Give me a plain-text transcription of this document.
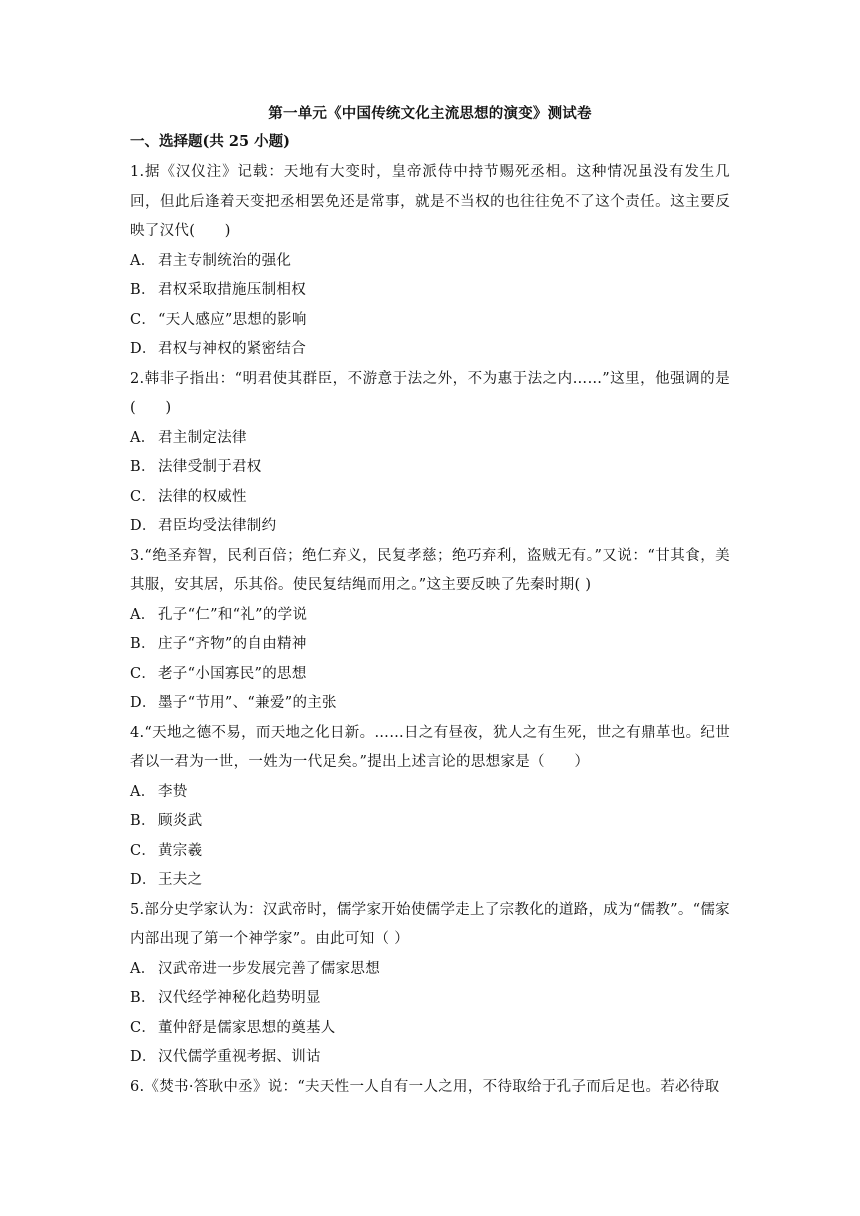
第一单元《中国传统文化主流思想的演变》测试卷
一、选择题(共 25 小题)

1.据《汉仪注》记载：天地有大变时，皇帝派侍中持节赐死丞相。这种情况虽没有发生几回，但此后逢着天变把丞相罢免还是常事，就是不当权的也往往免不了这个责任。这主要反映了汉代(　　)

A． 君主专制统治的强化
B． 君权采取措施压制相权
C． “天人感应”思想的影响
D．君权与神权的紧密结合

2.韩非子指出：“明君使其群臣，不游意于法之外，不为惠于法之内……”这里，他强调的是(　　)

A． 君主制定法律
B． 法律受制于君权
C． 法律的权威性
D．君臣均受法律制约

3.“绝圣弃智，民利百倍；绝仁弃义，民复孝慈；绝巧弃利，盗贼无有。”又说：“甘其食，美其服，安其居，乐其俗。使民复结绳而用之。”这主要反映了先秦时期( )

A． 孔子“仁”和“礼”的学说
B． 庄子“齐物”的自由精神
C． 老子“小国寡民”的思想
D．墨子“节用”、“兼爱”的主张

4.“天地之德不易，而天地之化日新。……日之有昼夜，犹人之有生死，世之有鼎革也。纪世者以一君为一世，一姓为一代足矣。”提出上述言论的思想家是（　　）

A． 李贽
B． 顾炎武
C． 黄宗羲
D．王夫之

5.部分史学家认为：汉武帝时，儒学家开始使儒学走上了宗教化的道路，成为“儒教”。“儒家内部出现了第一个神学家”。由此可知（ ）

A． 汉武帝进一步发展完善了儒家思想
B． 汉代经学神秘化趋势明显
C． 董仲舒是儒家思想的奠基人
D．汉代儒学重视考据、训诂

6.《焚书·答耿中丞》说：“夫天性一人自有一人之用，不待取给于孔子而后足也。若必待取
